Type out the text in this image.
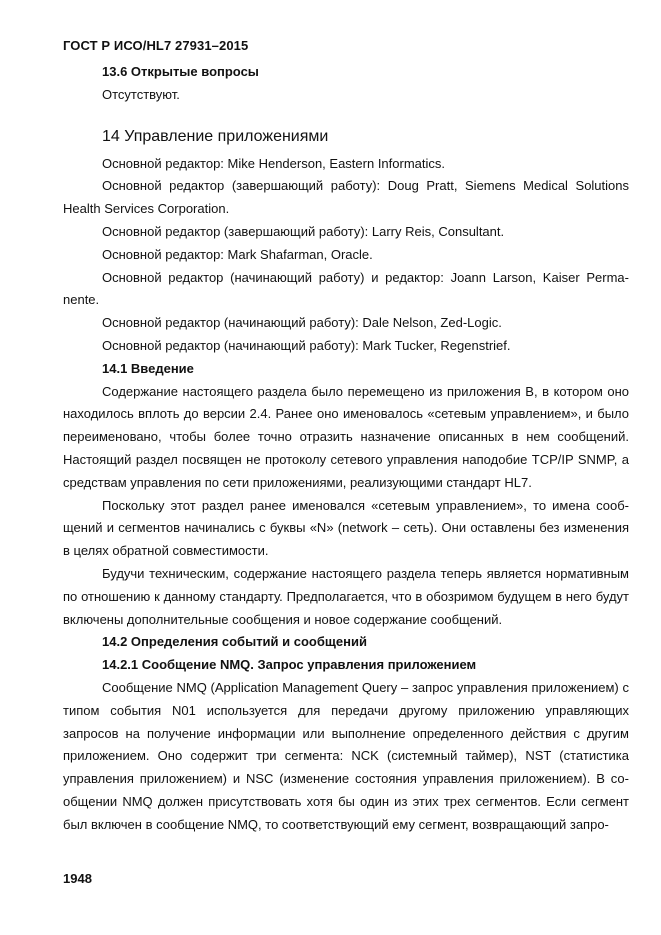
ГОСТ Р ИСО/HL7 27931–2015

13.6 Открытые вопросы

Отсутствуют.

14 Управление приложениями

Основной редактор: Mike Henderson, Eastern Informatics.

Основной редактор (завершающий работу): Doug Pratt, Siemens Medical Solutions Health Services Corporation.

Основной редактор (завершающий работу): Larry Reis, Consultant.

Основной редактор: Mark Shafarman, Oracle.

Основной редактор (начинающий работу) и редактор: Joann Larson, Kaiser Permanente.

Основной редактор (начинающий работу): Dale Nelson, Zed-Logic.

Основной редактор (начинающий работу): Mark Tucker, Regenstrief.

14.1 Введение

Содержание настоящего раздела было перемещено из приложения В, в котором оно находилось вплоть до версии 2.4. Ранее оно именовалось «сетевым управлением», и было переименовано, чтобы более точно отразить назначение описанных в нем сообщений. Настоящий раздел посвящен не протоколу сетевого управления наподобие TCP/IP SNMP, а средствам управления по сети приложениями, реализующими стандарт HL7.

Поскольку этот раздел ранее именовался «сетевым управлением», то имена сообщений и сегментов начинались с буквы «N» (network – сеть). Они оставлены без изменения в целях обратной совместимости.

Будучи техническим, содержание настоящего раздела теперь является нормативным по отношению к данному стандарту. Предполагается, что в обозримом будущем в него будут включены дополнительные сообщения и новое содержание сообщений.

14.2 Определения событий и сообщений

14.2.1 Сообщение NMQ. Запрос управления приложением

Сообщение NMQ (Application Management Query – запрос управления приложением) с типом события N01 используется для передачи другому приложению управляющих запросов на получение информации или выполнение определенного действия с другим приложением. Оно содержит три сегмента: NCK (системный таймер), NST (статистика управления приложением) и NSC (изменение состояния управления приложением). В сообщении NMQ должен присутствовать хотя бы один из этих трех сегментов. Если сегмент был включен в сообщение NMQ, то соответствующий ему сегмент, возвращающий запро-

1948
